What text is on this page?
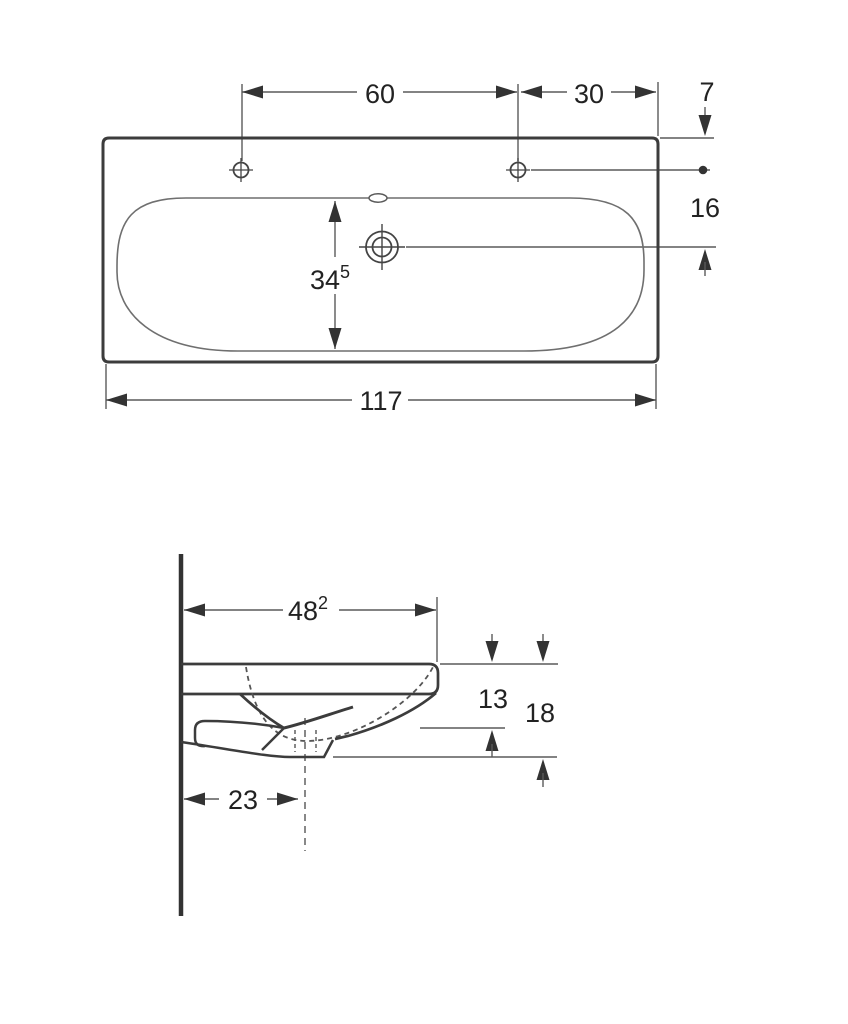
60	30	7
16
$34^5$
117
$48^2$
13 18
23
